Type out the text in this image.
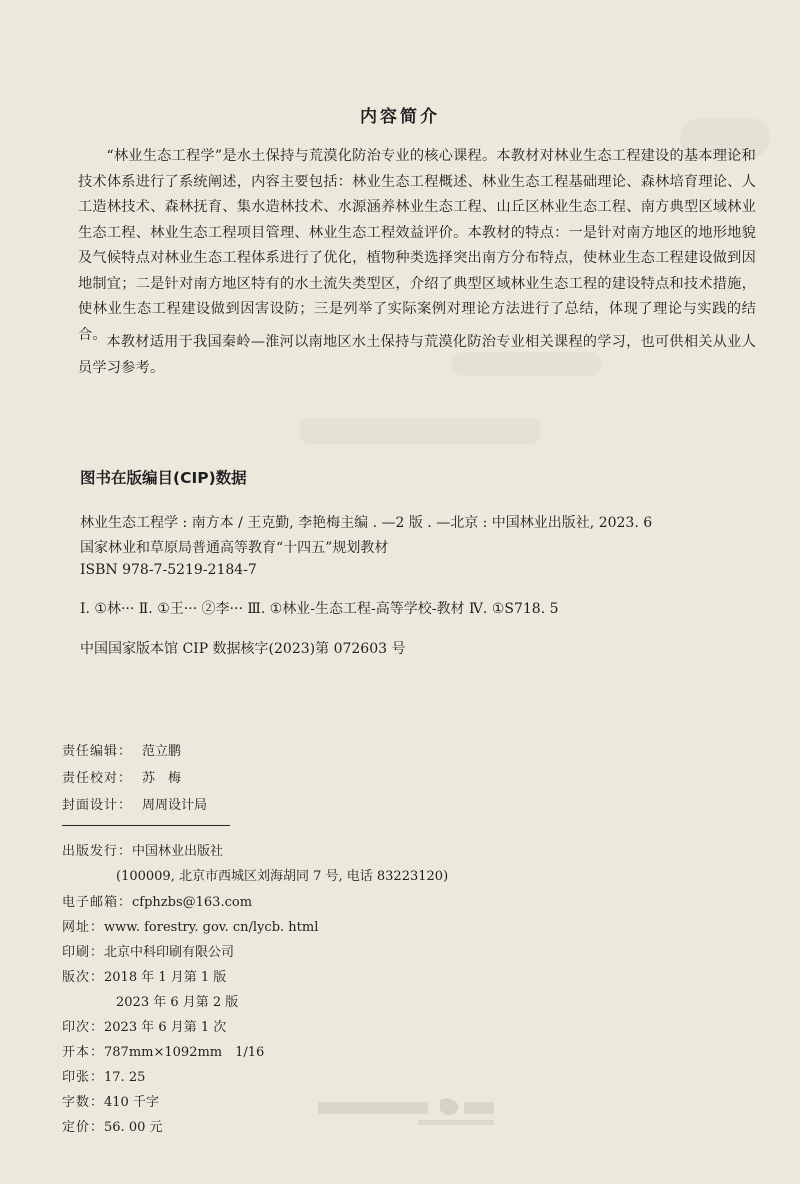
内容简介
“林业生态工程学”是水土保持与荒漠化防治专业的核心课程。本教材对林业生态工程建设的基本理论和技术体系进行了系统阐述，内容主要包括：林业生态工程概述、林业生态工程基础理论、森林培育理论、人工造林技术、森林抚育、集水造林技术、水源涵养林业生态工程、山丘区林业生态工程、南方典型区域林业生态工程、林业生态工程项目管理、林业生态工程效益评价。本教材的特点：一是针对南方地区的地形地貌及气候特点对林业生态工程体系进行了优化，植物种类选择突出南方分布特点，使林业生态工程建设做到因地制宜；二是针对南方地区特有的水土流失类型区，介绍了典型区域林业生态工程的建设特点和技术措施，使林业生态工程建设做到因害设防；三是列举了实际案例对理论方法进行了总结，体现了理论与实践的结合。 本教材适用于我国秦岭—淮河以南地区水土保持与荒漠化防治专业相关课程的学习，也可供相关从业人员学习参考。
图书在版编目(CIP)数据
林业生态工程学 : 南方本 / 王克勤, 李艳梅主编 . —2 版 . —北京 : 中国林业出版社, 2023. 6
国家林业和草原局普通高等教育“十四五”规划教材
ISBN 978-7-5219-2184-7
Ⅰ. ①林··· Ⅱ. ①王··· ②李··· Ⅲ. ①林业-生态工程-高等学校-教材 Ⅳ. ①S718. 5
中国国家版本馆 CIP 数据核字(2023)第 072603 号
责任编辑： 范立鹏
责任校对： 苏　梅
封面设计： 周周设计局
出版发行：中国林业出版社
(100009, 北京市西城区刘海胡同 7 号, 电话 83223120)
电子邮箱：cfphzbs@163.com
网址：www. forestry. gov. cn/lycb. html
印刷：北京中科印刷有限公司
版次：2018 年 1 月第 1 版
2023 年 6 月第 2 版
印次：2023 年 6 月第 1 次
开本：787mm×1092mm　1/16
印张：17. 25
字数：410 千字
定价：56. 00 元
